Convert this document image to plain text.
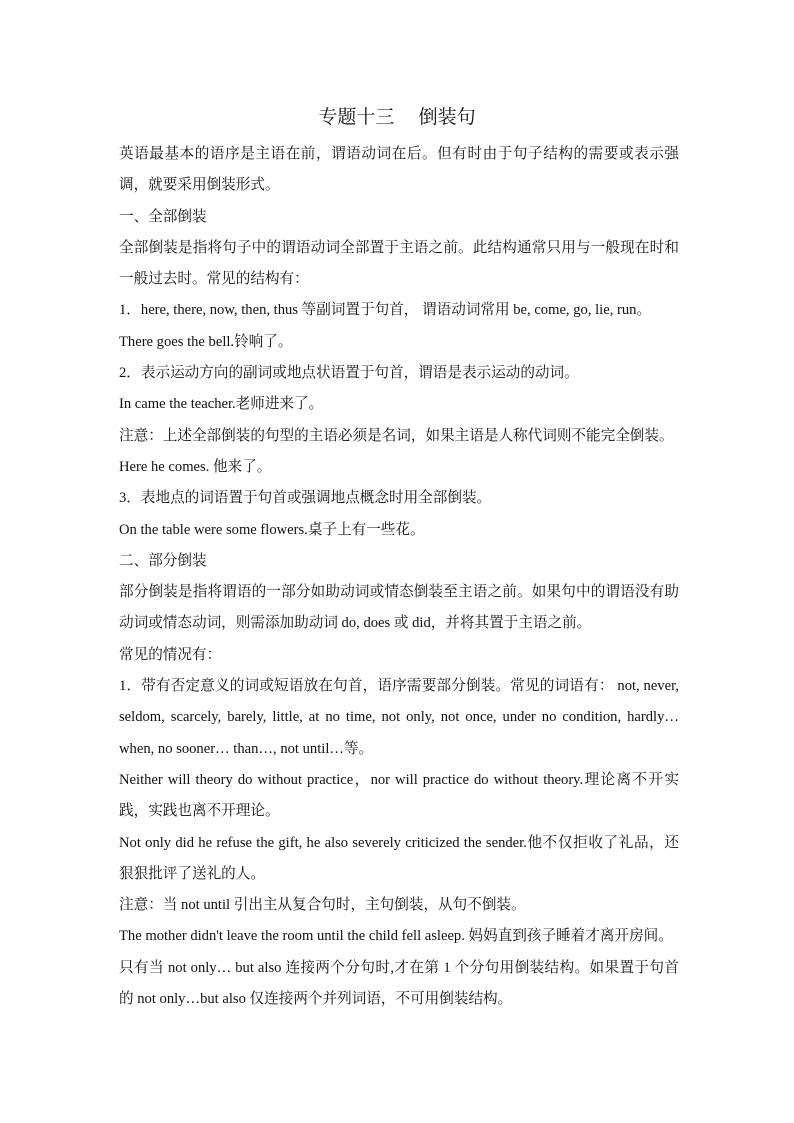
专题十三    倒装句

英语最基本的语序是主语在前，谓语动词在后。但有时由于句子结构的需要或表示强调，就要采用倒装形式。

一、全部倒装

全部倒装是指将句子中的谓语动词全部置于主语之前。此结构通常只用与一般现在时和一般过去时。常见的结构有：

1．here, there, now, then, thus 等副词置于句首， 谓语动词常用 be, come, go, lie, run。

There goes the bell.铃响了。

2．表示运动方向的副词或地点状语置于句首，谓语是表示运动的动词。

In came the teacher.老师进来了。

注意：上述全部倒装的句型的主语必须是名词，如果主语是人称代词则不能完全倒装。

Here he comes. 他来了。

3．表地点的词语置于句首或强调地点概念时用全部倒装。

On the table were some flowers.桌子上有一些花。

二、部分倒装

部分倒装是指将谓语的一部分如助动词或情态倒装至主语之前。如果句中的谓语没有助动词或情态动词，则需添加助动词 do, does 或 did，并将其置于主语之前。

常见的情况有：

1．带有否定意义的词或短语放在句首，语序需要部分倒装。常见的词语有： not, never, seldom, scarcely, barely, little, at no time, not only, not once, under no condition, hardly… when, no sooner… than…, not until…等。

Neither will theory do without practice，nor will practice do without theory.理论离不开实践，实践也离不开理论。

Not only did he refuse the gift, he also severely criticized the sender.他不仅拒收了礼品，还狠狠批评了送礼的人。

注意：当 not until 引出主从复合句时，主句倒装，从句不倒装。

The mother didn't leave the room until the child fell asleep. 妈妈直到孩子睡着才离开房间。

只有当 not only… but also 连接两个分句时,才在第 1 个分句用倒装结构。如果置于句首的 not only…but also 仅连接两个并列词语，不可用倒装结构。
